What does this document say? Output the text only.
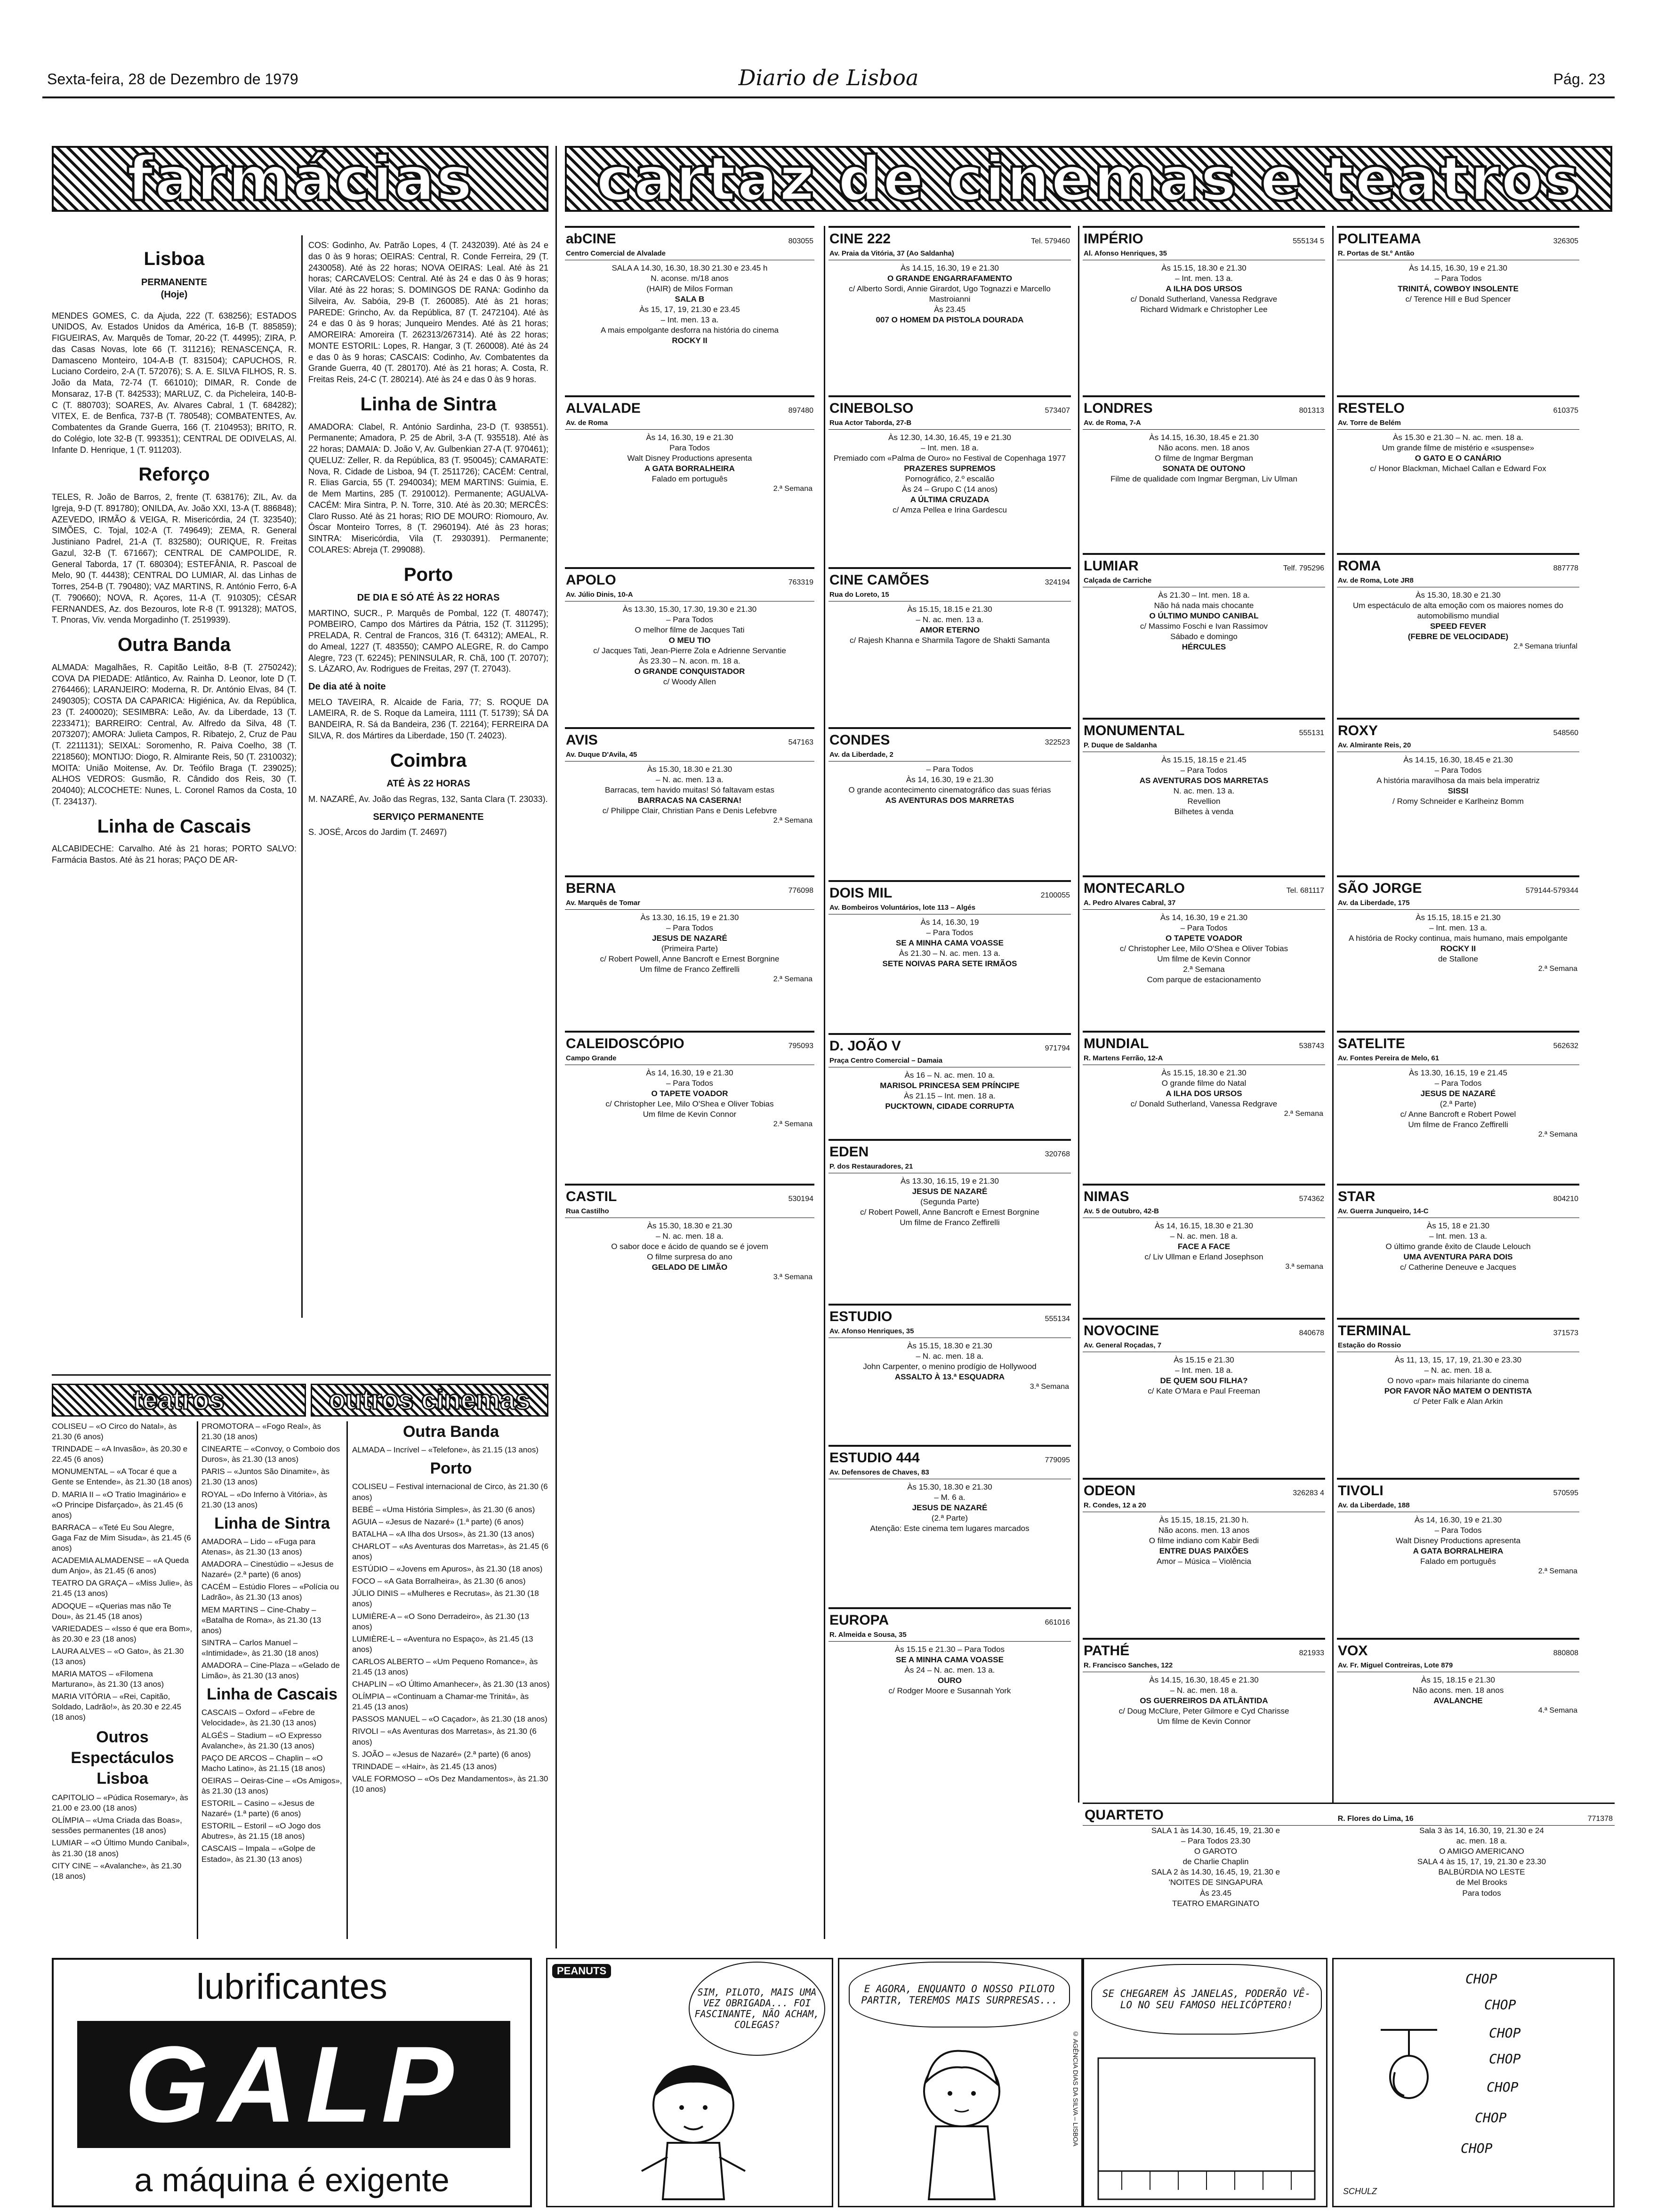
Sexta-feira, 28 de Dezembro de 1979	Diario de Lisboa	Pág. 23
farmácias cartaz de cinemas e teatros
Lisboa
PERMANENTE
(Hoje)

MENDES GOMES, C. da Ajuda, 222 (T. 638256); ESTADOS UNIDOS, Av. Estados Unidos da América, 16-B (T. 885859); FIGUEIRAS, Av. Marquês de Tomar, 20-22 (T. 44995); ZIRA, P. das Casas Novas, lote 66 (T. 311216); RENASCENÇA, R. Damasceno Monteiro, 104-A-B (T. 831504); CAPUCHOS, R. Luciano Cordeiro, 2-A (T. 572076); S. A. E. SILVA FILHOS, R. S. João da Mata, 72-74 (T. 661010); DIMAR, R. Conde de Monsaraz, 17-B (T. 842533); MARLUZ, C. da Picheleira, 140-B-C (T. 880703); SOARES, Av. Alvares Cabral, 1 (T. 684282); VITEX, E. de Benfica, 737-B (T. 780548); COMBATENTES, Av. Combatentes da Grande Guerra, 166 (T. 2104953); BRITO, R. do Colégio, lote 32-B (T. 993351); CENTRAL DE ODIVELAS, Al. Infante D. Henrique, 1 (T. 911203).

Reforço

TELES, R. João de Barros, 2, frente (T. 638176); ZIL, Av. da Igreja, 9-D (T. 891780); ONILDA, Av. João XXI, 13-A (T. 886848); AZEVEDO, IRMÃO & VEIGA, R. Misericórdia, 24 (T. 323540); SIMÕES, C. Tojal, 102-A (T. 749649); ZEMA, R. General Justiniano Padrel, 21-A (T. 832580); OURIQUE, R. Freitas Gazul, 32-B (T. 671667); CENTRAL DE CAMPOLIDE, R. General Taborda, 17 (T. 680304); ESTEFÂNIA, R. Pascoal de Melo, 90 (T. 44438); CENTRAL DO LUMIAR, Al. das Linhas de Torres, 254-B (T. 790480); VAZ MARTINS, R. António Ferro, 6-A (T. 790660); NOVA, R. Açores, 11-A (T. 910305); CÉSAR FERNANDES, Az. dos Bezouros, lote R-8 (T. 991328); MATOS, T. Pnoras, Viv. venda Morgadinho (T. 2519939).

Outra Banda

ALMADA: Magalhães, R. Capitão Leitão, 8-B (T. 2750242); COVA DA PIEDADE: Atlântico, Av. Rainha D. Leonor, lote D (T. 2764466); LARANJEIRO: Moderna, R. Dr. António Elvas, 84 (T. 2490305); COSTA DA CAPARICA: Higiénica, Av. da República, 23 (T. 2400020); SESIMBRA: Leão, Av. da Liberdade, 13 (T. 2233471); BARREIRO: Central, Av. Alfredo da Silva, 48 (T. 2073207); AMORA: Julieta Campos, R. Ribatejo, 2, Cruz de Pau (T. 2211131); SEIXAL: Soromenho, R. Paiva Coelho, 38 (T. 2218560); MONTIJO: Diogo, R. Almirante Reis, 50 (T. 2310032); MOITA: União Moitense, Av. Dr. Teófilo Braga (T. 239025); ALHOS VEDROS: Gusmão, R. Cândido dos Reis, 30 (T. 204040); ALCOCHETE: Nunes, L. Coronel Ramos da Costa, 10 (T. 234137).

Linha de Cascais

ALCABIDECHE: Carvalho. Até às 21 horas; PORTO SALVO: Farmácia Bastos. Até às 21 horas; PAÇO DE AR-

COS: Godinho, Av. Patrão Lopes, 4 (T. 2432039). Até às 24 e das 0 às 9 horas; OEIRAS: Central, R. Conde Ferreira, 29 (T. 2430058). Até às 22 horas; NOVA OEIRAS: Leal. Até às 21 horas; CARCAVELOS: Central. Até às 24 e das 0 às 9 horas; Vilar. Até às 22 horas; S. DOMINGOS DE RANA: Godinho da Silveira, Av. Sabóia, 29-B (T. 260085). Até às 21 horas; PAREDE: Grincho, Av. da República, 87 (T. 2472104). Até às 24 e das 0 às 9 horas; Junqueiro Mendes. Até às 21 horas; AMOREIRA: Amoreira (T. 262313/267314). Até às 22 horas; MONTE ESTORIL: Lopes, R. Hangar, 3 (T. 260008). Até às 24 e das 0 às 9 horas; CASCAIS: Codinho, Av. Combatentes da Grande Guerra, 40 (T. 280170). Até às 21 horas; A. Costa, R. Freitas Reis, 24-C (T. 280214). Até às 24 e das 0 às 9 horas.

Linha de Sintra

AMADORA: Clabel, R. António Sardinha, 23-D (T. 938551). Permanente; Amadora, P. 25 de Abril, 3-A (T. 935518). Até às 22 horas; DAMAIA: D. João V, Av. Gulbenkian 27-A (T. 970461); QUELUZ: Zeller, R. da República, 83 (T. 950045); CAMARATE: Nova, R. Cidade de Lisboa, 94 (T. 2511726); CACÉM: Central, R. Elias Garcia, 55 (T. 2940034); MEM MARTINS: Guimia, E. de Mem Martins, 285 (T. 2910012). Permanente; AGUALVA-CACÉM: Mira Sintra, P. N. Torre, 310. Até às 20.30; MERCÊS: Claro Russo. Até às 21 horas; RIO DE MOURO: Riomouro, Av. Óscar Monteiro Torres, 8 (T. 2960194). Até às 23 horas; SINTRA: Misericórdia, Vila (T. 2930391). Permanente; COLARES: Abreja (T. 299088).

Porto
DE DIA E SÓ ATÉ ÀS 22 HORAS

MARTINO, SUCR., P. Marquês de Pombal, 122 (T. 480747); POMBEIRO, Campo dos Mártires da Pátria, 152 (T. 311295); PRELADA, R. Central de Francos, 316 (T. 64312); AMEAL, R. do Ameal, 1227 (T. 483550); CAMPO ALEGRE, R. do Campo Alegre, 723 (T. 62245); PENINSULAR, R. Chã, 100 (T. 20707); S. LÁZARO, Av. Rodrigues de Freitas, 297 (T. 27043).

De dia até à noite

MELO TAVEIRA, R. Alcaide de Faria, 77; S. ROQUE DA LAMEIRA, R. de S. Roque da Lameira, 1111 (T. 51739); SÁ DA BANDEIRA, R. Sá da Bandeira, 236 (T. 22164); FERREIRA DA SILVA, R. dos Mártires da Liberdade, 150 (T. 24023).

Coimbra
ATÉ ÀS 22 HORAS

M. NAZARÉ, Av. João das Regras, 132, Santa Clara (T. 23033).

SERVIÇO PERMANENTE

S. JOSÉ, Arcos do Jardim (T. 24697)

abCINE	803055
Centro Comercial de Alvalade
SALA A 14.30, 16.30, 18.30 21.30 e 23.45 h
N. aconse. m/18 anos
(HAIR) de Milos Forman
SALA B
Às 15, 17, 19, 21.30 e 23.45
– Int. men. 13 a.
A mais empolgante desforra na história do cinema
ROCKY II
ALVALADE	897480
Av. de Roma
Às 14, 16.30, 19 e 21.30
Para Todos
Walt Disney Productions apresenta
A GATA BORRALHEIRA
Falado em português
2.ª Semana
APOLO	763319
Av. Júlio Dinis, 10-A
Às 13.30, 15.30, 17.30, 19.30 e 21.30
– Para Todos
O melhor filme de Jacques Tati
O MEU TIO
c/ Jacques Tati, Jean-Pierre Zola e Adrienne Servantie
Às 23.30 – N. acon. m. 18 a.
O GRANDE CONQUISTADOR
c/ Woody Allen
AVIS	547163
Av. Duque D'Avila, 45
Às 15.30, 18.30 e 21.30
– N. ac. men. 13 a.
Barracas, tem havido muitas! Só faltavam estas
BARRACAS NA CASERNA!
c/ Philippe Clair, Christian Pans e Denis Lefebvre
2.ª Semana
BERNA	776098
Av. Marquês de Tomar
Às 13.30, 16.15, 19 e 21.30
– Para Todos
JESUS DE NAZARÉ
(Primeira Parte)
c/ Robert Powell, Anne Bancroft e Ernest Borgnine
Um filme de Franco Zeffirelli
2.ª Semana
CALEIDOSCÓPIO	795093
Campo Grande
Às 14, 16.30, 19 e 21.30
– Para Todos
O TAPETE VOADOR
c/ Christopher Lee, Milo O'Shea e Oliver Tobias
Um filme de Kevin Connor
2.ª Semana
CASTIL	530194
Rua Castilho
Às 15.30, 18.30 e 21.30
– N. ac. men. 18 a.
O sabor doce e ácido de quando se é jovem
O filme surpresa do ano
GELADO DE LIMÃO
3.ª Semana
CINE 222	Tel. 579460
Av. Praia da Vitória, 37 (Ao Saldanha)
Às 14.15, 16.30, 19 e 21.30
O GRANDE ENGARRAFAMENTO
c/ Alberto Sordi, Annie Girardot, Ugo Tognazzi e Marcello Mastroianni
Às 23.45
007 O HOMEM DA PISTOLA DOURADA
CINEBOLSO	573407
Rua Actor Taborda, 27-B
Às 12.30, 14.30, 16.45, 19 e 21.30
– Int. men. 18 a.
Premiado com «Palma de Ouro» no Festival de Copenhaga 1977
PRAZERES SUPREMOS
Pornográfico, 2.º escalão
Às 24 – Grupo C (14 anos)
A ÚLTIMA CRUZADA
c/ Amza Pellea e Irina Gardescu
CINE CAMÕES	324194
Rua do Loreto, 15
Às 15.15, 18.15 e 21.30
– N. ac. men. 13 a.
AMOR ETERNO
c/ Rajesh Khanna e Sharmila Tagore de Shakti Samanta
CONDES	322523
Av. da Liberdade, 2
– Para Todos
Às 14, 16.30, 19 e 21.30
O grande acontecimento cinematográfico das suas férias
AS AVENTURAS DOS MARRETAS
DOIS MIL	2100055
Av. Bombeiros Voluntários, lote 113 – Algés
Às 14, 16.30, 19
– Para Todos
SE A MINHA CAMA VOASSE
Às 21.30 – N. ac. men. 13 a.
SETE NOIVAS PARA SETE IRMÃOS
D. JOÃO V	971794
Praça Centro Comercial – Damaia
Às 16 – N. ac. men. 10 a.
MARISOL PRINCESA SEM PRÍNCIPE
Às 21.15 – Int. men. 18 a.
PUCKTOWN, CIDADE CORRUPTA
EDEN	320768
P. dos Restauradores, 21
Às 13.30, 16.15, 19 e 21.30
JESUS DE NAZARÉ
(Segunda Parte)
c/ Robert Powell, Anne Bancroft e Ernest Borgnine
Um filme de Franco Zeffirelli
ESTUDIO	555134
Av. Afonso Henriques, 35
Às 15.15, 18.30 e 21.30
– N. ac. men. 18 a.
John Carpenter, o menino prodígio de Hollywood
ASSALTO À 13.ª ESQUADRA
3.ª Semana
ESTUDIO 444	779095
Av. Defensores de Chaves, 83
Às 15.30, 18.30 e 21.30
– M. 6 a.
JESUS DE NAZARÉ
(2.ª Parte)
Atenção: Este cinema tem lugares marcados
EUROPA	661016
R. Almeida e Sousa, 35
Às 15.15 e 21.30 – Para Todos
SE A MINHA CAMA VOASSE
Às 24 – N. ac. men. 13 a.
OURO
c/ Rodger Moore e Susannah York
IMPÉRIO	555134 5
Al. Afonso Henriques, 35
Às 15.15, 18.30 e 21.30
– Int. men. 13 a.
A ILHA DOS URSOS
c/ Donald Sutherland, Vanessa Redgrave
Richard Widmark e Christopher Lee
LONDRES	801313
Av. de Roma, 7-A
Às 14.15, 16.30, 18.45 e 21.30
Não acons. men. 18 anos
O filme de Ingmar Bergman
SONATA DE OUTONO
Filme de qualidade com Ingmar Bergman, Liv Ulman
LUMIAR	Telf. 795296
Calçada de Carriche
Às 21.30 – Int. men. 18 a.
Não há nada mais chocante
O ÚLTIMO MUNDO CANIBAL
c/ Massimo Foschi e Ivan Rassimov
Sábado e domingo
HÉRCULES
MONUMENTAL	555131
P. Duque de Saldanha
Às 15.15, 18.15 e 21.45
– Para Todos
AS AVENTURAS DOS MARRETAS
N. ac. men. 13 a.
Revellion
Bilhetes à venda
MONTECARLO	Tel. 681117
A. Pedro Alvares Cabral, 37
Às 14, 16.30, 19 e 21.30
– Para Todos
O TAPETE VOADOR
c/ Christopher Lee, Milo O'Shea e Oliver Tobias
Um filme de Kevin Connor
2.ª Semana
Com parque de estacionamento
MUNDIAL	538743
R. Martens Ferrão, 12-A
Às 15.15, 18.30 e 21.30
O grande filme do Natal
A ILHA DOS URSOS
c/ Donald Sutherland, Vanessa Redgrave
2.ª Semana
NIMAS	574362
Av. 5 de Outubro, 42-B
Às 14, 16.15, 18.30 e 21.30
– N. ac. men. 18 a.
FACE A FACE
c/ Liv Ullman e Erland Josephson
3.ª semana
NOVOCINE	840678
Av. General Roçadas, 7
Às 15.15 e 21.30
– Int. men. 18 a.
DE QUEM SOU FILHA?
c/ Kate O'Mara e Paul Freeman
ODEON	326283 4
R. Condes, 12 a 20
Às 15.15, 18.15, 21.30 h.
Não acons. men. 13 anos
O filme indiano com Kabir Bedi
ENTRE DUAS PAIXÕES
Amor – Música – Violência
PATHÉ	821933
R. Francisco Sanches, 122
Às 14.15, 16.30, 18.45 e 21.30
– N. ac. men. 18 a.
OS GUERREIROS DA ATLÂNTIDA
c/ Doug McClure, Peter Gilmore e Cyd Charisse
Um filme de Kevin Connor
POLITEAMA	326305
R. Portas de St.º Antão
Às 14.15, 16.30, 19 e 21.30
– Para Todos
TRINITÁ, COWBOY INSOLENTE
c/ Terence Hill e Bud Spencer
RESTELO	610375
Av. Torre de Belém
Às 15.30 e 21.30 – N. ac. men. 18 a.
Um grande filme de mistério e «suspense»
O GATO E O CANÁRIO
c/ Honor Blackman, Michael Callan e Edward Fox
ROMA	887778
Av. de Roma, Lote JR8
Às 15.30, 18.30 e 21.30
Um espectáculo de alta emoção com os maiores nomes do automobilismo mundial
SPEED FEVER
(FEBRE DE VELOCIDADE)
2.ª Semana triunfal
ROXY	548560
Av. Almirante Reis, 20
Às 14.15, 16.30, 18.45 e 21.30
– Para Todos
A história maravilhosa da mais bela imperatriz
SISSI
/ Romy Schneider e Karlheinz Bomm
SÃO JORGE	579144-579344
Av. da Liberdade, 175
Às 15.15, 18.15 e 21.30
– Int. men. 13 a.
A história de Rocky continua, mais humano, mais empolgante
ROCKY II
de Stallone
2.ª Semana
SATELITE	562632
Av. Fontes Pereira de Melo, 61
Às 13.30, 16.15, 19 e 21.45
– Para Todos
JESUS DE NAZARÉ
(2.ª Parte)
c/ Anne Bancroft e Robert Powel
Um filme de Franco Zeffirelli
2.ª Semana
STAR	804210
Av. Guerra Junqueiro, 14-C
Às 15, 18 e 21.30
– Int. men. 13 a.
O último grande êxito de Claude Lelouch
UMA AVENTURA PARA DOIS
c/ Catherine Deneuve e Jacques
TERMINAL	371573
Estação do Rossio
Às 11, 13, 15, 17, 19, 21.30 e 23.30
– N. ac. men. 18 a.
O novo «par» mais hilariante do cinema
POR FAVOR NÃO MATEM O DENTISTA
c/ Peter Falk e Alan Arkin
TIVOLI	570595
Av. da Liberdade, 188
Às 14, 16.30, 19 e 21.30
– Para Todos
Walt Disney Productions apresenta
A GATA BORRALHEIRA
Falado em português
2.ª Semana
VOX	880808
Av. Fr. Miguel Contreiras, Lote 879
Às 15, 18.15 e 21.30
Não acons. men. 18 anos
AVALANCHE
4.ª Semana
QUARTETO	R. Flores do Lima, 16	771378
SALA 1 às 14.30, 16.45, 19, 21.30 e
– Para Todos 23.30
O GAROTO
de Charlie Chaplin
SALA 2 às 14.30, 16.45, 19, 21.30 e
'NOITES DE SINGAPURA
Às 23.45
TEATRO EMARGINATO
Sala 3 às 14, 16.30, 19, 21.30 e 24
ac. men. 18 a.
O AMIGO AMERICANO
SALA 4 às 15, 17, 19, 21.30 e 23.30
BALBÚRDIA NO LESTE
de Mel Brooks
Para todos
teatros	outros cinemas

COLISEU – «O Circo do Natal», às 21.30 (6 anos)

TRINDADE – «A Invasão», às 20.30 e 22.45 (6 anos)

MONUMENTAL – «A Tocar é que a Gente se Entende», às 21.30 (18 anos)

D. MARIA II – «O Tratio Imaginário» e «O Principe Disfarçado», às 21.45 (6 anos)

BARRACA – «Teté Eu Sou Alegre, Gaga Faz de Mim Sisuda», às 21.45 (6 anos)

ACADEMIA ALMADENSE – «A Queda dum Anjo», às 21.45 (6 anos)

TEATRO DA GRAÇA – «Miss Julie», às 21.45 (13 anos)

ADOQUE – «Querias mas não Te Dou», às 21.45 (18 anos)

VARIEDADES – «Isso é que era Bom», às 20.30 e 23 (18 anos)

LAURA ALVES – «O Gato», às 21.30 (13 anos)

MARIA MATOS – «Filomena Marturano», às 21.30 (13 anos)

MARIA VITÓRIA – «Rei, Capitão, Soldado, Ladrão!», às 20.30 e 22.45 (18 anos)

Outros Espectáculos
Lisboa

CAPITOLIO – «Púdica Rosemary», às 21.00 e 23.00 (18 anos)

OLÍMPIA – «Uma Criada das Boas», sessões permanentes (18 anos)

LUMIAR – «O Último Mundo Canibal», às 21.30 (18 anos)

CITY CINE – «Avalanche», às 21.30 (18 anos)

PROMOTORA – «Fogo Real», às 21.30 (18 anos)

CINEARTE – «Convoy, o Comboio dos Duros», às 21.30 (13 anos)

PARIS – «Juntos São Dinamite», às 21.30 (13 anos)

ROYAL – «Do Inferno à Vitória», às 21.30 (13 anos)

Linha de Sintra

AMADORA – Lido – «Fuga para Atenas», às 21.30 (13 anos)

AMADORA – Cinestúdio – «Jesus de Nazaré» (2.ª parte) (6 anos)

CACÉM – Estúdio Flores – «Polícia ou Ladrão», às 21.30 (13 anos)

MEM MARTINS – Cine-Chaby – «Batalha de Roma», às 21.30 (13 anos)

SINTRA – Carlos Manuel – «Intimidade», às 21.30 (18 anos)

AMADORA – Cine-Plaza – «Gelado de Limão», às 21.30 (13 anos)

Linha de Cascais

CASCAIS – Oxford – «Febre de Velocidade», às 21.30 (13 anos)

ALGÉS – Stadium – «O Expresso Avalanche», às 21.30 (13 anos)

PAÇO DE ARCOS – Chaplin – «O Macho Latino», às 21.15 (18 anos)

OEIRAS – Oeiras-Cine – «Os Amigos», às 21.30 (13 anos)

ESTORIL – Casino – «Jesus de Nazaré» (1.ª parte) (6 anos)

ESTORIL – Estoril – «O Jogo dos Abutres», às 21.15 (18 anos)

CASCAIS – Impala – «Golpe de Estado», às 21.30 (13 anos)

Outra Banda

ALMADA – Incrível – «Telefone», às 21.15 (13 anos)

Porto

COLISEU – Festival internacional de Circo, às 21.30 (6 anos)

BEBÉ – «Uma História Simples», às 21.30 (6 anos)

AGUIA – «Jesus de Nazaré» (1.ª parte) (6 anos)

BATALHA – «A Ilha dos Ursos», às 21.30 (13 anos)

CHARLOT – «As Aventuras dos Marretas», às 21.45 (6 anos)

ESTÚDIO – «Jovens em Apuros», às 21.30 (18 anos)

FOCO – «A Gata Borralheira», às 21.30 (6 anos)

JÚLIO DINIS – «Mulheres e Recrutas», às 21.30 (18 anos)

LUMIÈRE-A – «O Sono Derradeiro», às 21.30 (13 anos)

LUMIÈRE-L – «Aventura no Espaço», às 21.45 (13 anos)

CARLOS ALBERTO – «Um Pequeno Romance», às 21.45 (13 anos)

CHAPLIN – «O Último Amanhecer», às 21.30 (13 anos)

OLÍMPIA – «Continuam a Chamar-me Trinitá», às 21.45 (13 anos)

PASSOS MANUEL – «O Caçador», às 21.30 (18 anos)

RIVOLI – «As Aventuras dos Marretas», às 21.30 (6 anos)

S. JOÃO – «Jesus de Nazaré» (2.ª parte) (6 anos)

TRINDADE – «Hair», às 21.45 (13 anos)

VALE FORMOSO – «Os Dez Mandamentos», às 21.30 (10 anos)

lubrificantes
GALP
a máquina é exigente
PEANUTS
SIM, PILOTO, MAIS UMA VEZ OBRIGADA... FOI FASCINANTE, NÃO ACHAM, COLEGAS?
E AGORA, ENQUANTO O NOSSO PILOTO PARTIR, TEREMOS MAIS SURPRESAS...
© AGÊNCIA DIAS DA SILVA – LISBOA
SE CHEGAREM ÀS JANELAS, PODERÃO VÊ-LO NO SEU FAMOSO HELICÓPTERO!
CHOP
CHOP
CHOP
CHOP
CHOP
CHOP
CHOP
SCHULZ
